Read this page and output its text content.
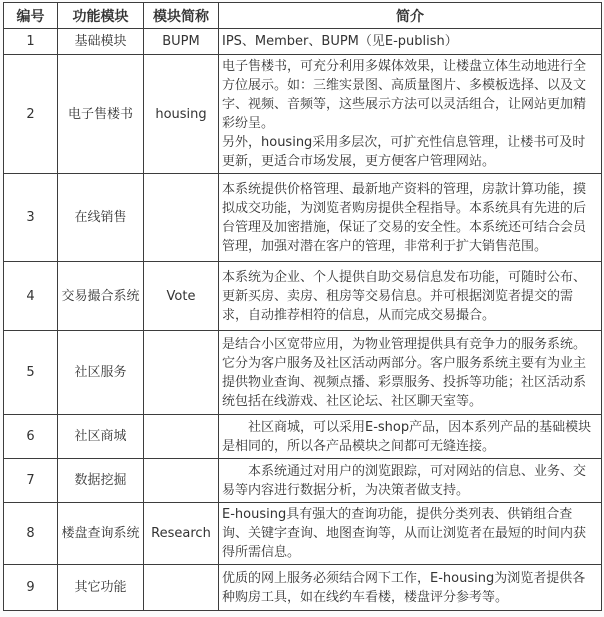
编号	功能模块	模块简称	简介
1	基础模块	BUPM	IPS、Member、BUPM（见E-publish）

2	电子售楼书	housing	电子售楼书，可充分利用多媒体效果，让楼盘立体生动地进行全方位展示。如：三维实景图、高质量图片、多模板选择、以及文字、视频、音频等，这些展示方法可以灵活组合，让网站更加精彩纷呈。
另外，housing采用多层次，可扩充性信息管理，让楼书可及时更新，更适合市场发展，更方便客户管理网站。

3	在线销售		本系统提供价格管理、最新地产资料的管理，房款计算功能，摸拟成交功能，为浏览者购房提供全程指导。本系统具有先进的后台管理及加密措施，保证了交易的安全性。本系统还可结合会员管理，加强对潜在客户的管理，非常利于扩大销售范围。

4	交易撮合系统	Vote	本系统为企业、个人提供自助交易信息发布功能，可随时公布、更新买房、卖房、租房等交易信息。并可根据浏览者提交的需求，自动推荐相符的信息，从而完成交易撮合。

5	社区服务		是结合小区宽带应用，为物业管理提供具有竞争力的服务系统。它分为客户服务及社区活动两部分。客户服务系统主要有为业主提供物业查询、视频点播、彩票服务、投拆等功能；社区活动系统包括在线游戏、社区论坛、社区聊天室等。

6	社区商城		　　社区商城，可以采用E-shop产品，因本系列产品的基础模块是相同的，所以各产品模块之间都可无缝连接。

7	数据挖掘		　　本系统通过对用户的浏览跟踪，可对网站的信息、业务、交易等内容进行数据分析，为决策者做支持。

8	楼盘查询系统	Research	E-housing具有强大的查询功能，提供分类列表、供销组合查询、关键字查询、地图查询等，从而让浏览者在最短的时间内获得所需信息。

9	其它功能		优质的网上服务必须结合网下工作，E-housing为浏览者提供各种购房工具，如在线约车看楼，楼盘评分参考等。
